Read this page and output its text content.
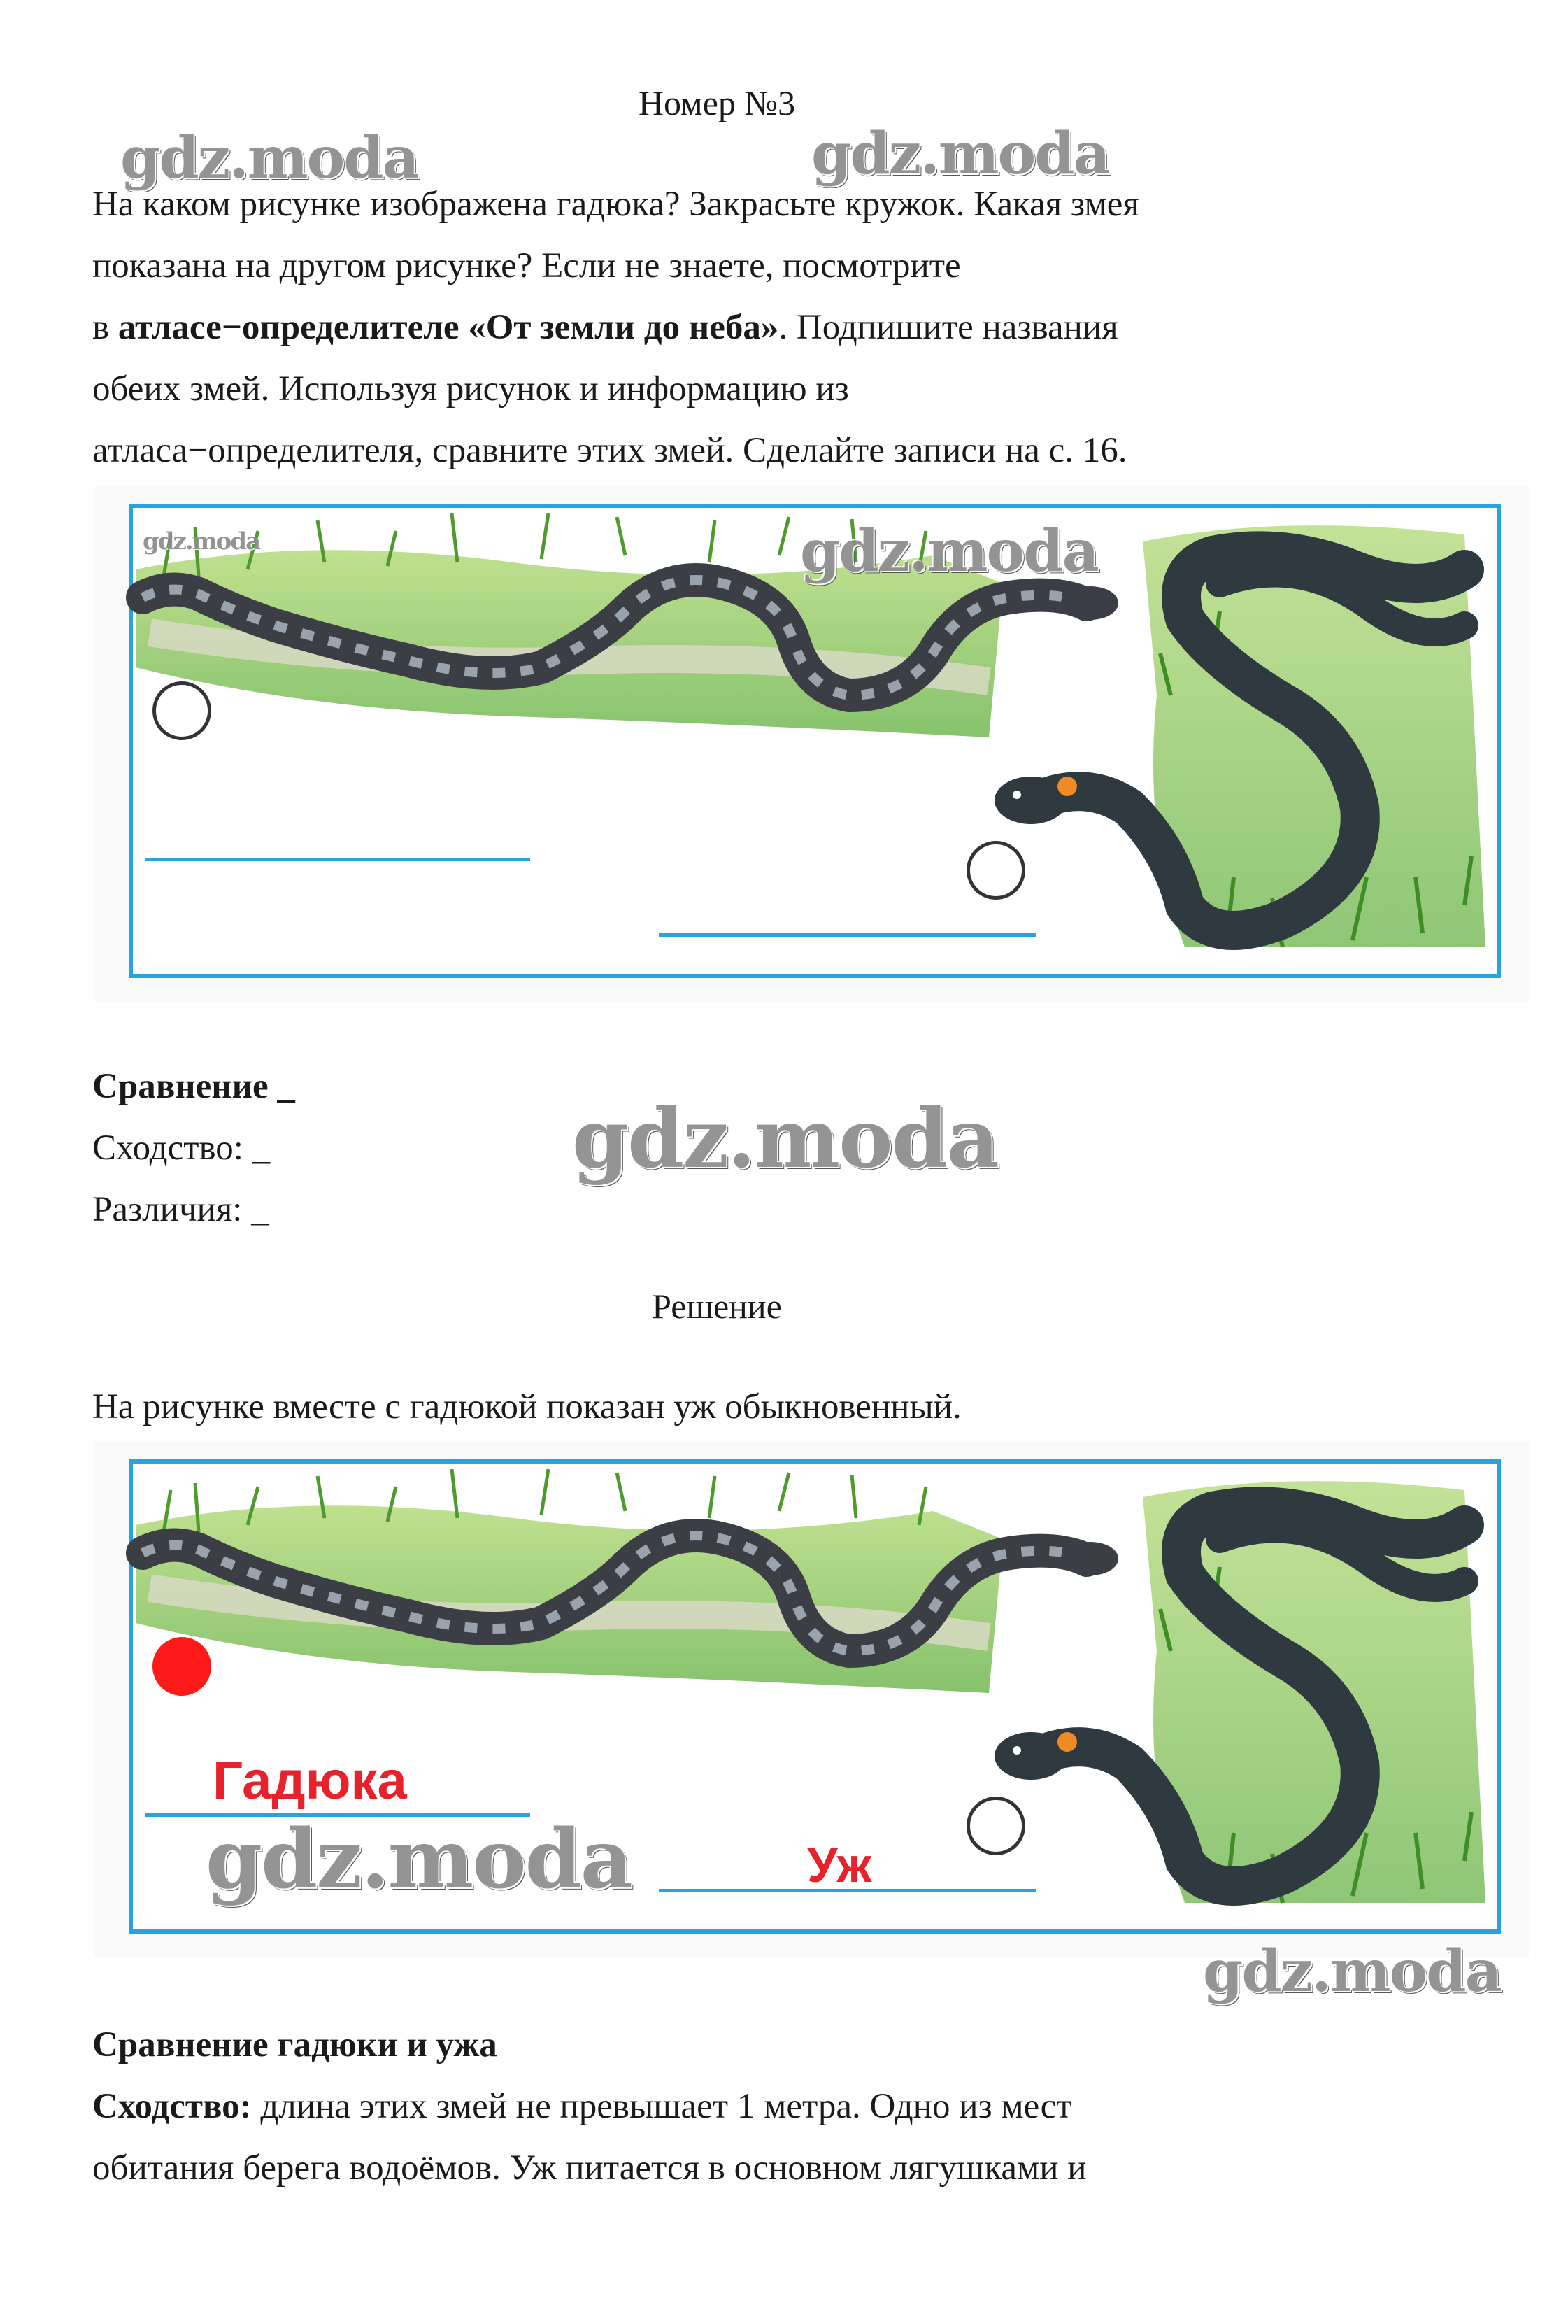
Номер №3
На каком рисунке изображена гадюка? Закрасьте кружок. Какая змея
показана на другом рисунке? Если не знаете, посмотрите
в атласе−определителе «От земли до неба». Подпишите названия
обеих змей. Используя рисунок и информацию из
атласа−определителя, сравните этих змей. Сделайте записи на с. 16.
gdz.moda	gdz.moda
gdz.moda	gdz.moda
Сравнение _
Сходство: _
Различия: _
gdz.moda
Решение
На рисунке вместе с гадюкой показан уж обыкновенный.
Гадюка
Уж
gdz.moda
gdz.moda
Сравнение гадюки и ужа
Сходство: длина этих змей не превышает 1 метра. Одно из мест
обитания берега водоёмов. Уж питается в основном лягушками и
